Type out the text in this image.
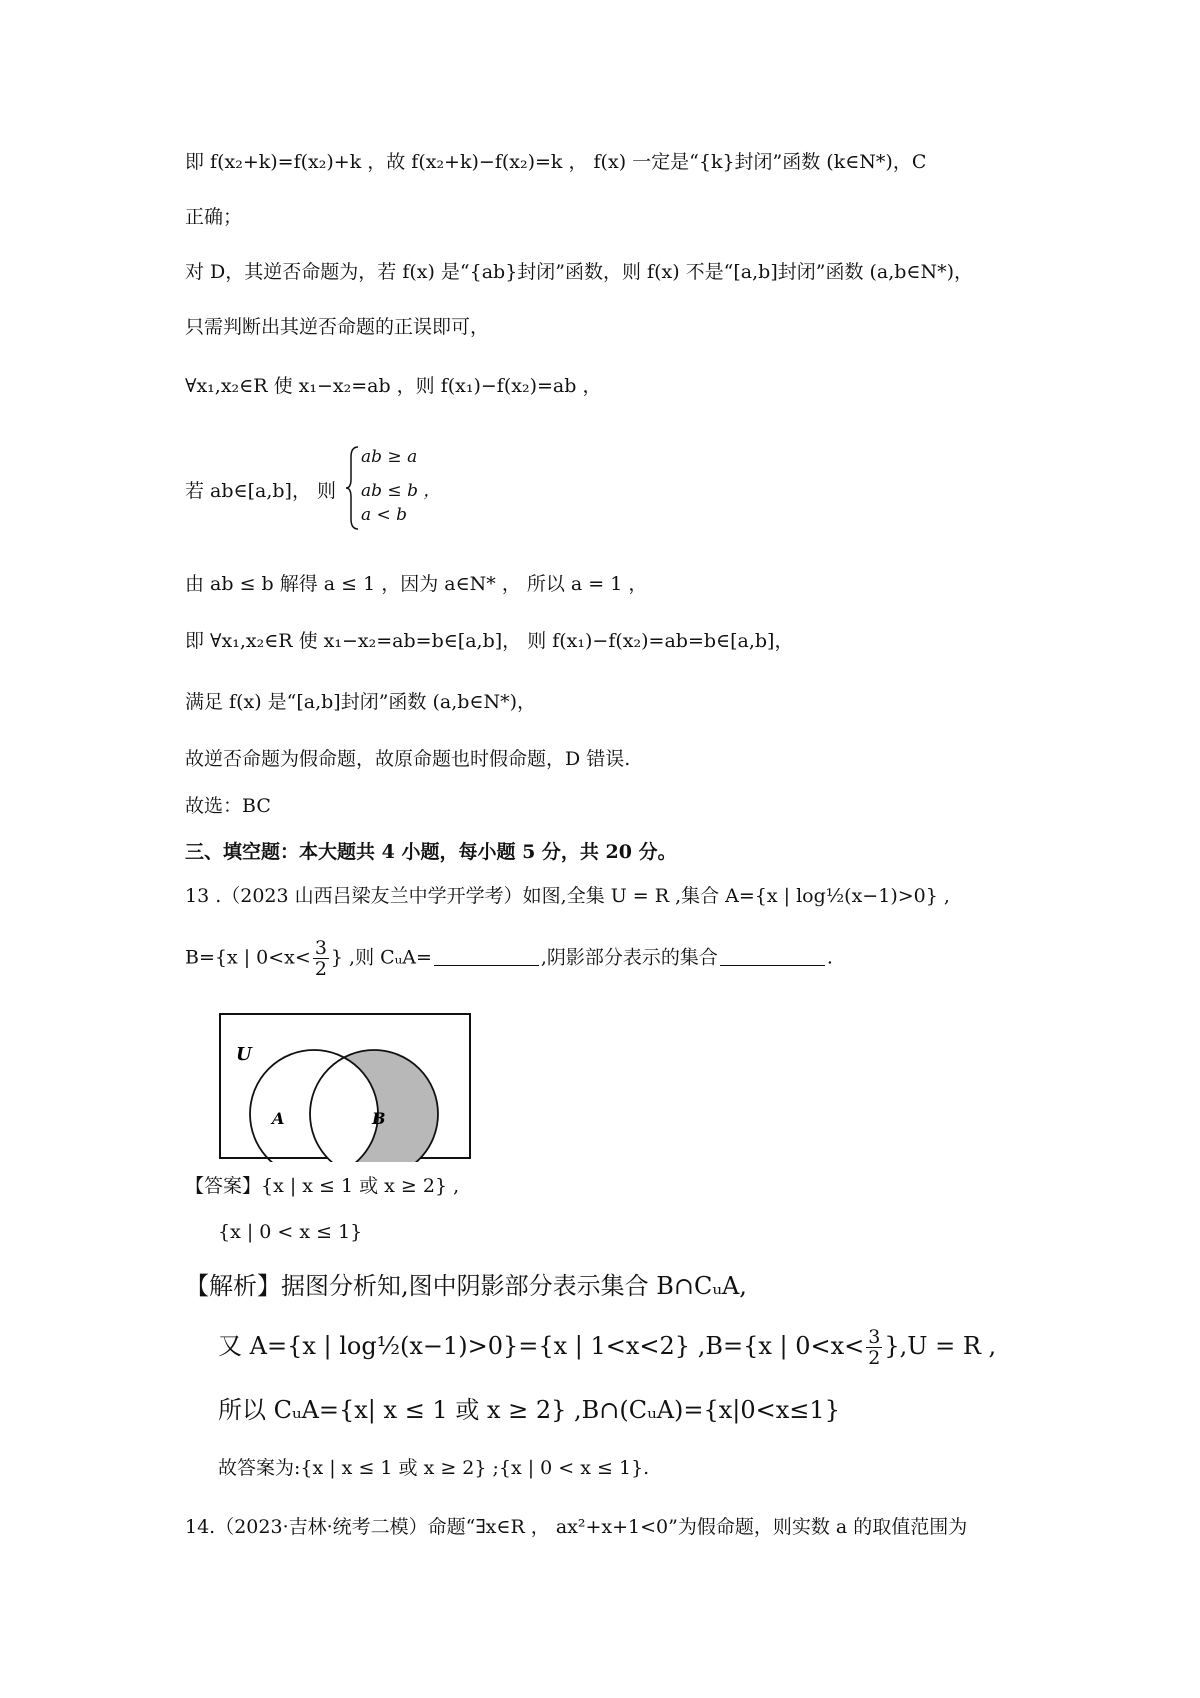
即 f(x₂+k)=f(x₂)+k ，故 f(x₂+k)−f(x₂)=k ， f(x) 一定是“{k}封闭”函数 (k∈N*)，C
正确；
对 D，其逆否命题为，若 f(x) 是“{ab}封闭”函数，则 f(x) 不是“[a,b]封闭”函数 (a,b∈N*)，
只需判断出其逆否命题的正误即可，
∀x₁,x₂∈R 使 x₁−x₂=ab ，则 f(x₁)−f(x₂)=ab ，
若 ab∈[a,b]， 则
ab ≥ a
ab ≤ b ，
a < b
由 ab ≤ b 解得 a ≤ 1 ，因为 a∈N* ， 所以 a = 1 ，
即 ∀x₁,x₂∈R 使 x₁−x₂=ab=b∈[a,b]， 则 f(x₁)−f(x₂)=ab=b∈[a,b]，
满足 f(x) 是“[a,b]封闭”函数 (a,b∈N*)，
故逆否命题为假命题，故原命题也时假命题，D 错误.
故选：BC
三、填空题：本大题共 4 小题，每小题 5 分，共 20 分。
13 .（2023 山西吕梁友兰中学开学考）如图,全集 U = R ,集合 A={x | log½(x−1)>0} ,
B={x | $0<x< \frac{3}{2}$ } ,则 CᵤA=	,阴影部分表示的集合	.
U
A	B
【答案】{x | x ≤ 1 或 x ≥ 2} ,
{x | 0 < x ≤ 1}
【解析】据图分析知,图中阴影部分表示集合 B∩CᵤA,
又 A={x | log½(x−1)>0}={x | 1<x<2} ,B={x | $0<x< \frac{3}{2} \},U = R$ ,
所以 CᵤA={x| x ≤ 1 或 x ≥ 2} ,B∩(CᵤA)={x|0<x≤1}
故答案为:{x | x ≤ 1 或 x ≥ 2} ;{x | 0 < x ≤ 1}.
14.（2023·吉林·统考二模）命题“∃x∈R ， ax²+x+1<0”为假命题，则实数 a 的取值范围为
